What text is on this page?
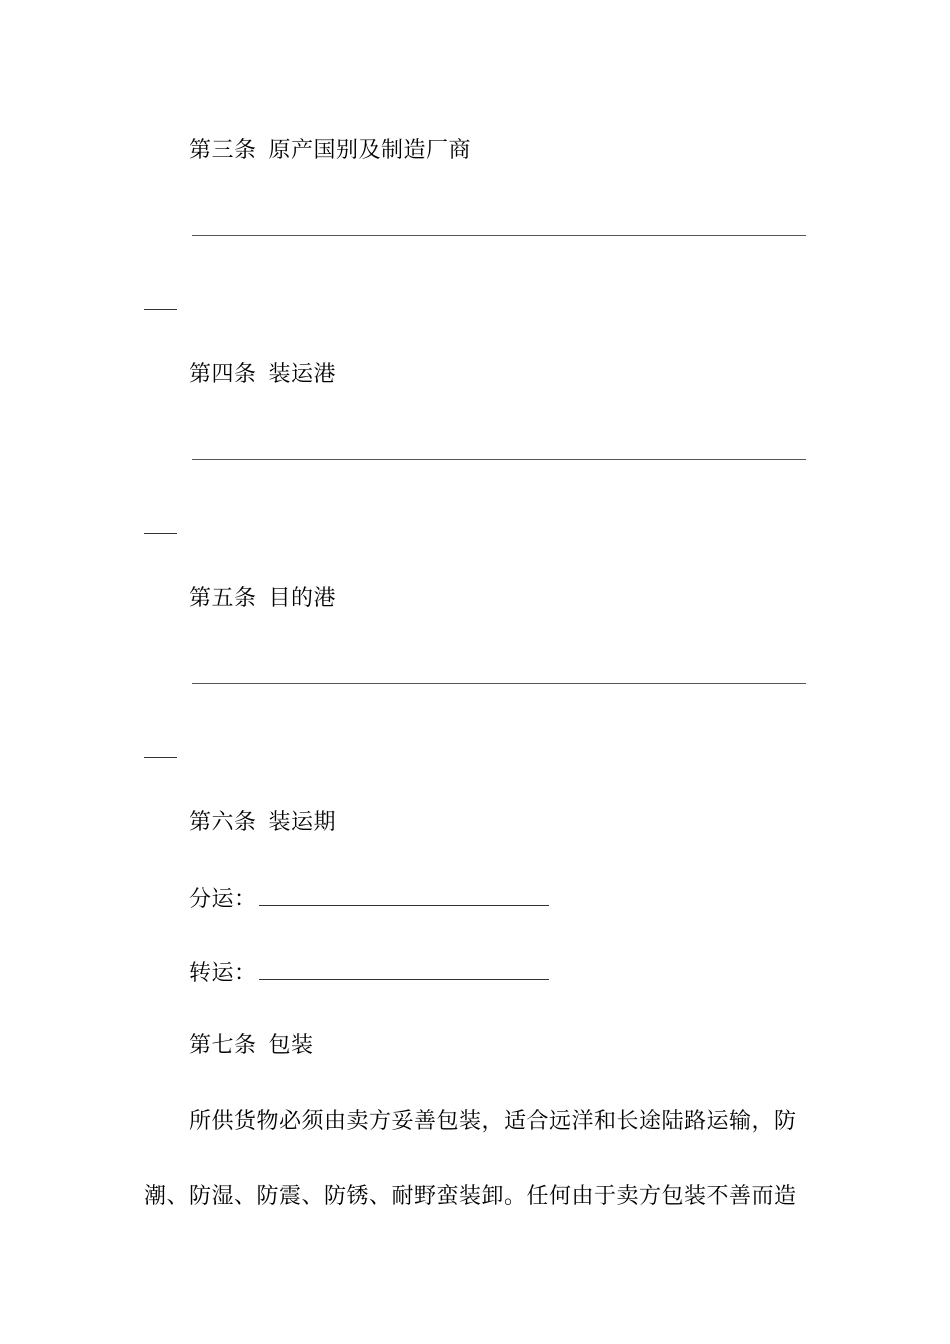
第三条 原产国别及制造厂商
第四条 装运港
第五条 目的港
第六条 装运期
分运：
转运：
第七条 包装
所供货物必须由卖方妥善包装，适合远洋和长途陆路运输，防
潮、防湿、防震、防锈、耐野蛮装卸。任何由于卖方包装不善而造
